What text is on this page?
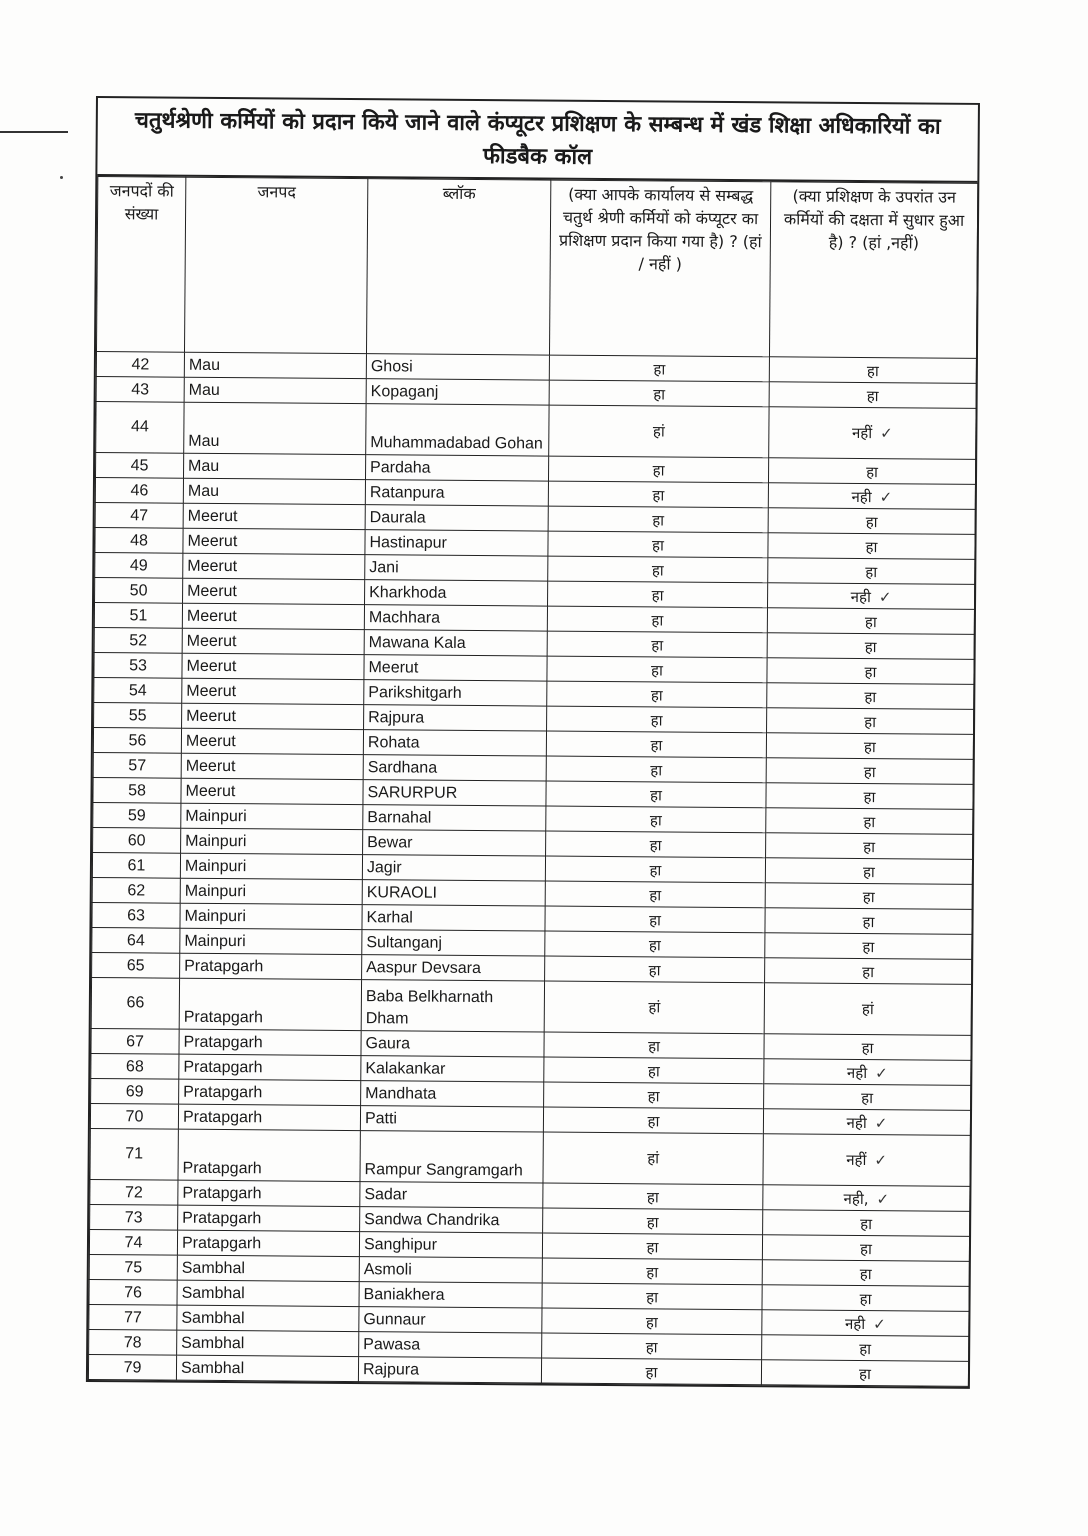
चतुर्थश्रेणी कर्मियों को प्रदान किये जाने वाले कंप्यूटर प्रशिक्षण के सम्बन्ध में खंड शिक्षा अधिकारियों का फीडबैक कॉल
जनपदों की संख्या	जनपद	ब्लॉक	(क्या आपके कार्यालय से सम्बद्ध चतुर्थ श्रेणी कर्मियों को कंप्यूटर का प्रशिक्षण प्रदान किया गया है) ? (हां / नहीं )	(क्या प्रशिक्षण के उपरांत उन कर्मियों की दक्षता में सुधार हुआ है) ? (हां ,नहीं)
42	Mau	Ghosi	हा	हा
43	Mau	Kopaganj	हा	हा
44	Mau	Muhammadabad Gohan	हां	नहीं ✓
45	Mau	Pardaha	हा	हा
46	Mau	Ratanpura	हा	नही ✓
47	Meerut	Daurala	हा	हा
48	Meerut	Hastinapur	हा	हा
49	Meerut	Jani	हा	हा
50	Meerut	Kharkhoda	हा	नही ✓
51	Meerut	Machhara	हा	हा
52	Meerut	Mawana Kala	हा	हा
53	Meerut	Meerut	हा	हा
54	Meerut	Parikshitgarh	हा	हा
55	Meerut	Rajpura	हा	हा
56	Meerut	Rohata	हा	हा
57	Meerut	Sardhana	हा	हा
58	Meerut	SARURPUR	हा	हा
59	Mainpuri	Barnahal	हा	हा
60	Mainpuri	Bewar	हा	हा
61	Mainpuri	Jagir	हा	हा
62	Mainpuri	KURAOLI	हा	हा
63	Mainpuri	Karhal	हा	हा
64	Mainpuri	Sultanganj	हा	हा
65	Pratapgarh	Aaspur Devsara	हा	हा
66	Pratapgarh	Baba Belkharnath Dham	हां	हां
67	Pratapgarh	Gaura	हा	हा
68	Pratapgarh	Kalakankar	हा	नही ✓
69	Pratapgarh	Mandhata	हा	हा
70	Pratapgarh	Patti	हा	नही ✓
71	Pratapgarh	Rampur Sangramgarh	हां	नहीं ✓
72	Pratapgarh	Sadar	हा	नही, ✓
73	Pratapgarh	Sandwa Chandrika	हा	हा
74	Pratapgarh	Sanghipur	हा	हा
75	Sambhal	Asmoli	हा	हा
76	Sambhal	Baniakhera	हा	हा
77	Sambhal	Gunnaur	हा	नही ✓
78	Sambhal	Pawasa	हा	हा
79	Sambhal	Rajpura	हा	हा
